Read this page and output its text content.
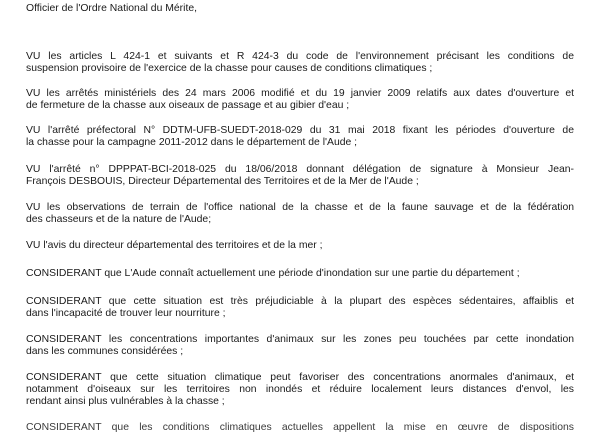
Officier de l'Ordre National du Mérite,
VU les articles L 424-1 et suivants et R 424-3 du code de l'environnement précisant les conditions de
suspension provisoire de l'exercice de la chasse pour causes de conditions climatiques ;
VU les arrêtés ministériels des 24 mars 2006 modifié et du 19 janvier 2009 relatifs aux dates d'ouverture et
de fermeture de la chasse aux oiseaux de passage et au gibier d'eau ;
VU l'arrêté préfectoral N° DDTM-UFB-SUEDT-2018-029 du 31 mai 2018 fixant les périodes d'ouverture de
la chasse pour la campagne 2011-2012 dans le département de l'Aude ;
VU l'arrêté n° DPPPAT-BCI-2018-025 du 18/06/2018 donnant délégation de signature à Monsieur Jean-
François DESBOUIS, Directeur Départemental des Territoires et de la Mer de l'Aude ;
VU les observations de terrain de l'office national de la chasse et de la faune sauvage et de la fédération
des chasseurs et de la nature de l'Aude;
VU l'avis du directeur départemental des territoires et de la mer ;
CONSIDERANT que L'Aude connaît actuellement une période d'inondation sur une partie du département ;
CONSIDERANT que cette situation est très préjudiciable à la plupart des espèces sédentaires, affaiblis et
dans l'incapacité de trouver leur nourriture ;
CONSIDERANT les concentrations importantes d'animaux sur les zones peu touchées par cette inondation
dans les communes considérées ;
CONSIDERANT que cette situation climatique peut favoriser des concentrations anormales d'animaux, et
notamment d'oiseaux sur les territoires non inondés et réduire localement leurs distances d'envol, les
rendant ainsi plus vulnérables à la chasse ;
CONSIDERANT que les conditions climatiques actuelles appellent la mise en œuvre de dispositions
